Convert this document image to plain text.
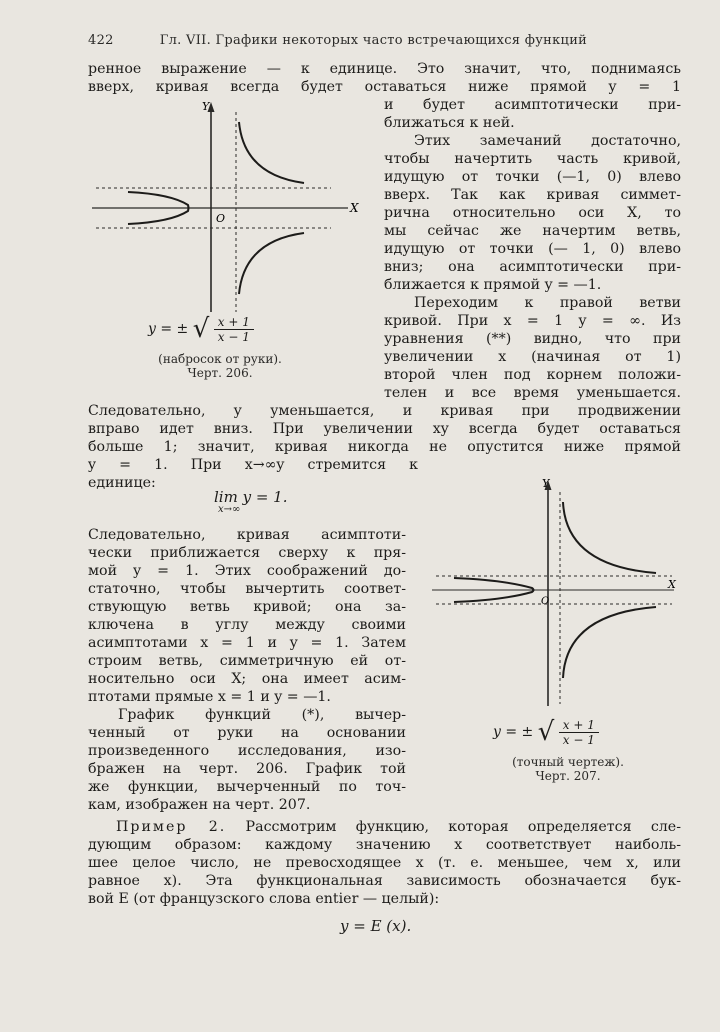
422	Гл. VII. Графики некоторых часто встречающихся функций
ренное выражение — к единице. Это значит, что, поднимаясь
вверх, кривая всегда будет оставаться ниже прямой y = 1
X
Y
O
y = ± √ $\frac{x + 1}{x - 1}$
(набросок от руки).
Черт. 206.
и будет асимптотически при-
ближаться к ней.
Этих замечаний достаточно,
чтобы начертить часть кривой,
идущую от точки (—1, 0) влево
вверх. Так как кривая симмет-
рична относительно оси X, то
мы сейчас же начертим ветвь,
идущую от точки (— 1, 0) влево
вниз; она асимптотически при-
ближается к прямой y = —1.
Переходим к правой ветви
кривой. При x = 1 y = ∞. Из
уравнения (**) видно, что при
увеличении x (начиная от 1)
второй член под корнем положи-
телен и все время уменьшается.
Следовательно, y уменьшается, и кривая при продвижении
вправо идет вниз. При увеличении xy всегда будет оставаться
больше 1; значит, кривая никогда не опустится ниже прямой
y = 1. При x→∞y стремится к
единице:
lim y = 1.
x→∞
Следовательно, кривая асимптоти-
чески приближается сверху к пря-
мой y = 1. Этих соображений до-
статочно, чтобы вычертить соответ-
ствующую ветвь кривой; она за-
ключена в углу между своими
асимптотами x = 1 и y = 1. Затем
строим ветвь, симметричную ей от-
носительно оси X; она имеет асим-
птотами прямые x = 1 и y = —1.
График функций (*), вычер-
ченный от руки на основании
произведенного исследования, изо-
бражен на черт. 206. График той
же функции, вычерченный по точ-
кам, изображен на черт. 207.
X
Y
O
y = ± √ $\frac{x + 1}{x - 1}$
(точный чертеж).
Черт. 207.
Пример 2. Рассмотрим функцию, которая определяется сле-
дующим образом: каждому значению x соответствует наиболь-
шее целое число, не превосходящее x (т. е. меньшее, чем x, или
равное x). Эта функциональная зависимость обозначается бук-
вой E (от французского слова entier — целый):
y = E (x).
